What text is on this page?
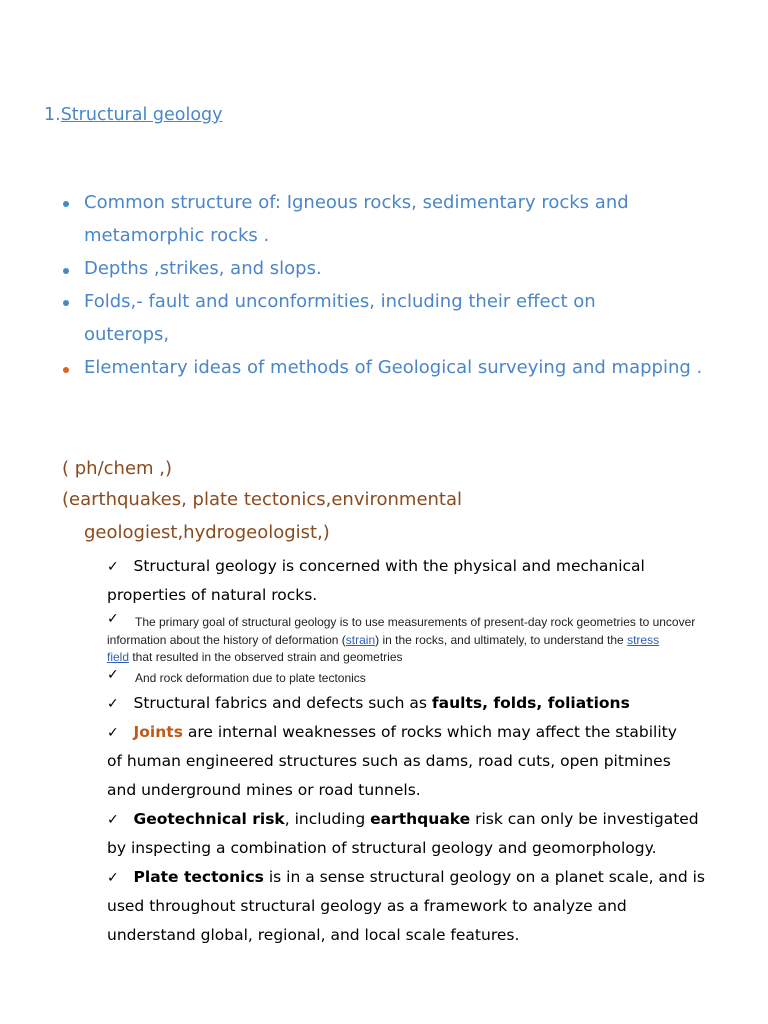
1.Structural geology
Common structure of: Igneous rocks, sedimentary rocks and
metamorphic rocks .
Depths ,strikes, and slops.
Folds,- fault and unconformities, including their effect on
outerops,
Elementary ideas of methods of Geological surveying and mapping .
( ph/chem ,)
(earthquakes, plate tectonics,environmental
geologiest,hydrogeologist,)
✓ Structural geology is concerned with the physical and mechanical
properties of natural rocks.
✓ The primary goal of structural geology is to use measurements of present-day rock geometries to uncover
information about the history of deformation (strain) in the rocks, and ultimately, to understand the stress
field that resulted in the observed strain and geometries
✓ And rock deformation due to plate tectonics
✓ Structural fabrics and defects such as faults, folds, foliations
✓ Joints are internal weaknesses of rocks which may affect the stability
of human engineered structures such as dams, road cuts, open pitmines
and underground mines or road tunnels.
✓ Geotechnical risk, including earthquake risk can only be investigated
by inspecting a combination of structural geology and geomorphology.
✓ Plate tectonics is in a sense structural geology on a planet scale, and is
used throughout structural geology as a framework to analyze and
understand global, regional, and local scale features.
